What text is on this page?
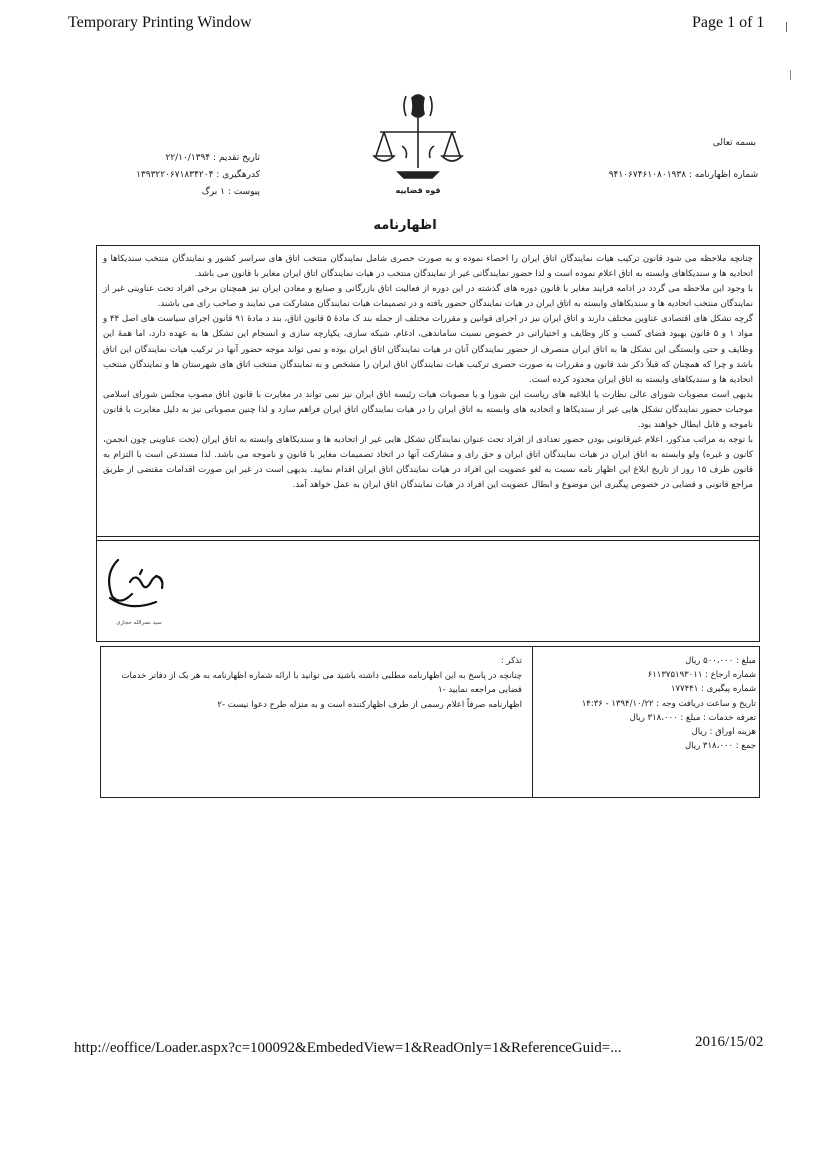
Temporary Printing Window	Page 1 of 1
قوه قضاییه
بسمه تعالی
شماره اظهارنامه : ۹۴۱۰۶۷۴۶۱۰۸۰۱۹۳۸
تاریخ تقدیم : ۲۲/۱۰/۱۳۹۴
کدرهگیری : ۱۳۹۳۲۲۰۶۷۱۸۳۴۲۰۴
پیوست : ۱ برگ
اظهارنامه
چنانچه ملاحظه می شود قانون ترکیب هیات نمایندگان اتاق ایران را احصاء نموده و به صورت حصری شامل نمایندگان منتخب اتاق های سراسر کشور و نمایندگان منتخب سندیکاها و اتحادیه ها و سندیکاهای وابسته به اتاق اعلام نموده است و لذا حضور نمایندگانی غیر از نمایندگان منتخب در هیات نمایندگان اتاق ایران مغایر با قانون می باشد.
با وجود این ملاحظه می گردد در ادامه فرایند مغایر با قانون دوره های گذشته در این دوره از فعالیت اتاق بازرگانی و صنایع و معادن ایران نیز همچنان برخی افراد تحت عناوینی غیر از نمایندگان منتخب اتحادیه ها و سندیکاهای وابسته به اتاق ایران در هیات نمایندگان حضور یافته و در تصمیمات هیات نمایندگان مشارکت می نمایند و صاحب رای می باشند.
گرچه تشکل های اقتصادی عناوین مختلف دارند و اتاق ایران نیز در اجرای قوانین و مقررات مختلف از جمله بند ک مادهٔ ۵ قانون اتاق، بند د مادهٔ ۹۱ قانون اجرای سیاست های اصل ۴۴ و مواد ۱ و ۵ قانون بهبود فضای کسب و کار وظایف و اختیاراتی در خصوص نسبت ساماندهی، ادغام، شبکه سازی، یکپارچه سازی و انسجام این تشکل ها به عهده دارد، اما همهٔ این وظایف و حتی وابستگی این تشکل ها به اتاق ایران منصرف از حضور نمایندگان آنان در هیات نمایندگان اتاق ایران بوده و نمی تواند موجه حضور آنها در ترکیب هیات نمایندگان این اتاق باشد و چرا که همچنان که قبلاً ذکر شد قانون و مقررات به صورت حصری ترکیب هیات نمایندگان اتاق ایران را مشخص و به نمایندگان منتخب اتاق های شهرستان ها و نمایندگان منتخب اتحادیه ها و سندیکاهای وابسته به اتاق ایران محدود کرده است.
بدیهی است مصوبات شورای عالی نظارت یا ابلاغیه های ریاست این شورا و یا مصوبات هیات رئیسه اتاق ایران نیز نمی تواند در مغایرت با قانون اتاق مصوب مجلس شورای اسلامی موجبات حضور نمایندگان تشکل هایی غیر از سندیکاها و اتحادیه های وابسته به اتاق ایران را در هیات نمایندگان اتاق ایران فراهم سازد و لذا چنین مصوباتی نیز به دلیل مغایرت با قانون ناموجه و قابل ابطال خواهند بود.
با توجه به مراتب مذکور، اعلام غیرقانونی بودن حضور تعدادی از افراد تحت عنوان نمایندگان تشکل هایی غیر از اتحادیه ها و سندیکاهای وابسته به اتاق ایران (تحت عناوینی چون انجمن، کانون و غیره) ولو وابسته به اتاق ایران در هیات نمایندگان اتاق ایران و حق رای و مشارکت آنها در اتخاذ تصمیمات مغایر با قانون و ناموجه می باشد. لذا مستدعی است با التزام به قانون ظرف ۱۵ روز از تاریخ ابلاغ این اظهار نامه نسبت به لغو عضویت این افراد در هیات نمایندگان اتاق ایران اقدام نمایید. بدیهی است در غیر این صورت اقدامات مقتضی از طریق مراجع قانونی و قضایی در خصوص پیگیری این موضوع و ابطال عضویت این افراد در هیات نمایندگان اتاق ایران به عمل خواهد آمد.
سید نصرالله حجازی
مبلغ : ۵۰۰،۰۰۰ ریال
شماره ارجاع : ۶۱۱۳۷۵۱۹۳۰۱۱
شماره پیگیری : ۱۷۷۴۴۱
تاریخ و ساعت دریافت وجه : ۱۳۹۴/۱۰/۲۲ - ۱۴:۳۶
تعرفه خدمات : مبلغ : ۳۱۸،۰۰۰ ریال
هزینه اوراق : ریال
جمع : ۳۱۸،۰۰۰ ریال
تذکر :
چنانچه در پاسخ به این اظهارنامه مطلبی داشته باشید می توانید با ارائه شماره اظهارنامه به هر یک از دفاتر خدمات قضایی مراجعه نمایید -۱
اظهارنامه صرفاً اعلام رسمی از طرف اظهارکننده است و به منزله طرح دعوا نیست -۲
http://eoffice/Loader.aspx?c=100092&EmbededView=1&ReadOnly=1&ReferenceGuid=...	2016/15/02
